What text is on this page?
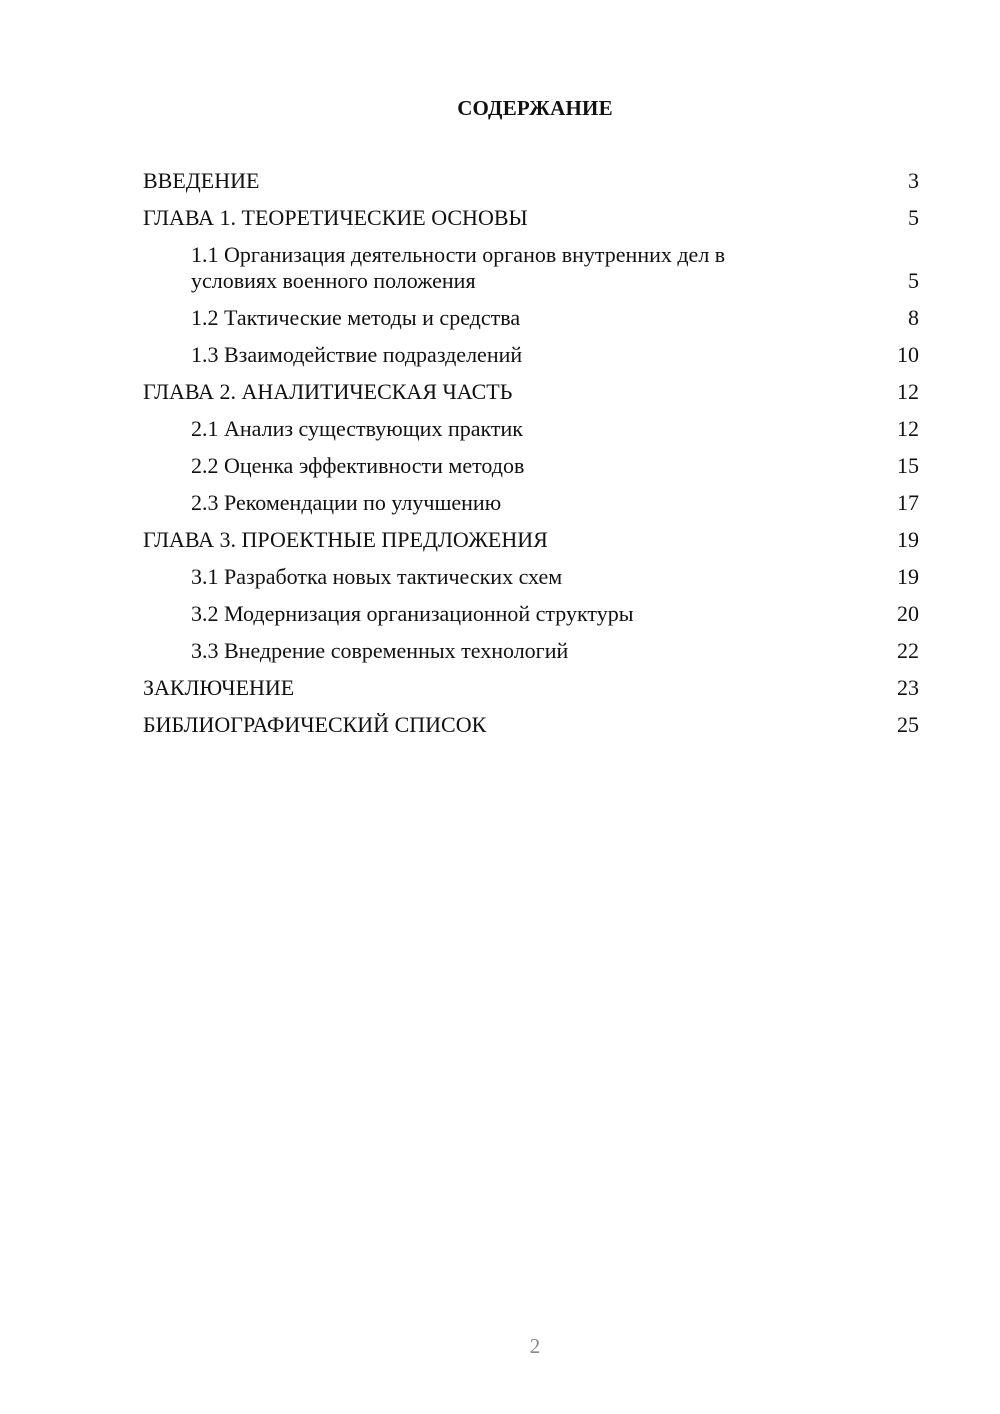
СОДЕРЖАНИЕ
ВВЕДЕНИЕ	3
ГЛАВА 1. ТЕОРЕТИЧЕСКИЕ ОСНОВЫ	5
1.1 Организация деятельности органов внутренних дел в условиях военного положения	5
1.2 Тактические методы и средства	8
1.3 Взаимодействие подразделений	10
ГЛАВА 2. АНАЛИТИЧЕСКАЯ ЧАСТЬ	12
2.1 Анализ существующих практик	12
2.2 Оценка эффективности методов	15
2.3 Рекомендации по улучшению	17
ГЛАВА 3. ПРОЕКТНЫЕ ПРЕДЛОЖЕНИЯ	19
3.1 Разработка новых тактических схем	19
3.2 Модернизация организационной структуры	20
3.3 Внедрение современных технологий	22
ЗАКЛЮЧЕНИЕ	23
БИБЛИОГРАФИЧЕСКИЙ СПИСОК	25
2
